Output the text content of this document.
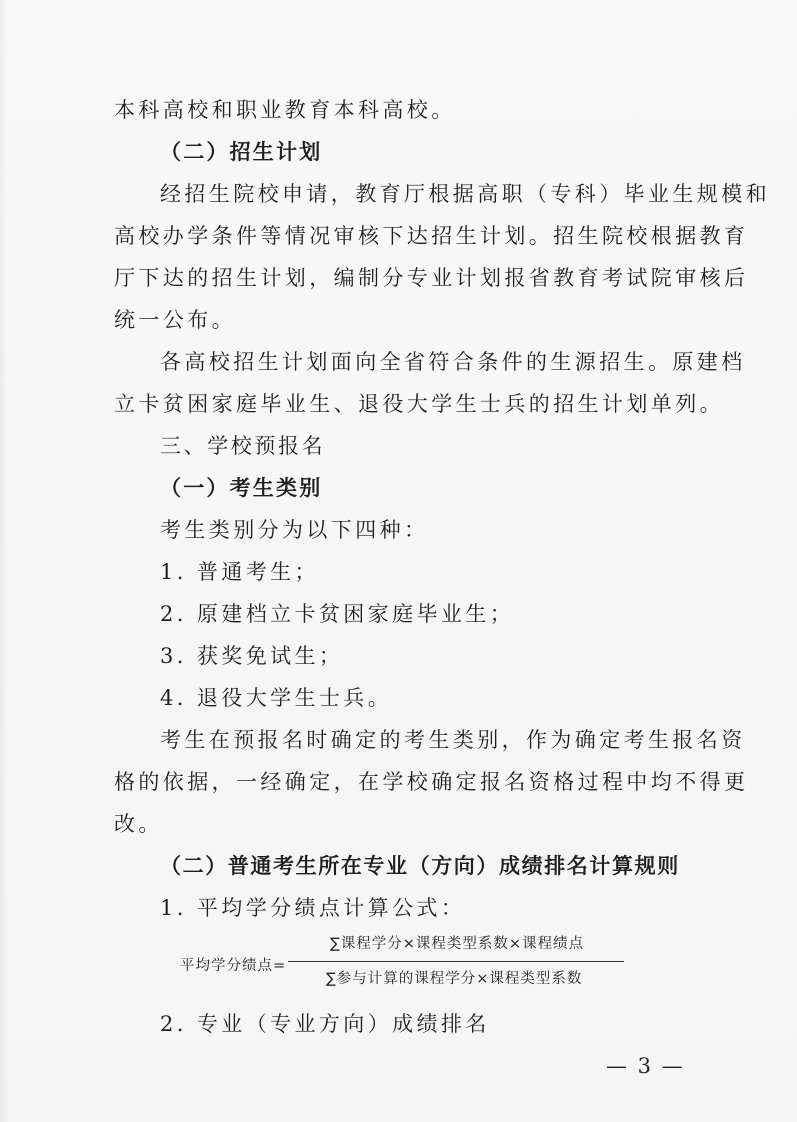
本科高校和职业教育本科高校。
（二）招生计划
经招生院校申请，教育厅根据高职（专科）毕业生规模和
高校办学条件等情况审核下达招生计划。招生院校根据教育
厅下达的招生计划，编制分专业计划报省教育考试院审核后
统一公布。
各高校招生计划面向全省符合条件的生源招生。原建档
立卡贫困家庭毕业生、退役大学生士兵的招生计划单列。
三、学校预报名
（一）考生类别
考生类别分为以下四种：
1. 普通考生；
2. 原建档立卡贫困家庭毕业生；
3. 获奖免试生；
4. 退役大学生士兵。
考生在预报名时确定的考生类别，作为确定考生报名资
格的依据，一经确定，在学校确定报名资格过程中均不得更
改。
（二）普通考生所在专业（方向）成绩排名计算规则
1. 平均学分绩点计算公式：
平均学分绩点=
∑课程学分×课程类型系数×课程绩点
∑参与计算的课程学分×课程类型系数
2. 专业（专业方向）成绩排名
— 3 —
